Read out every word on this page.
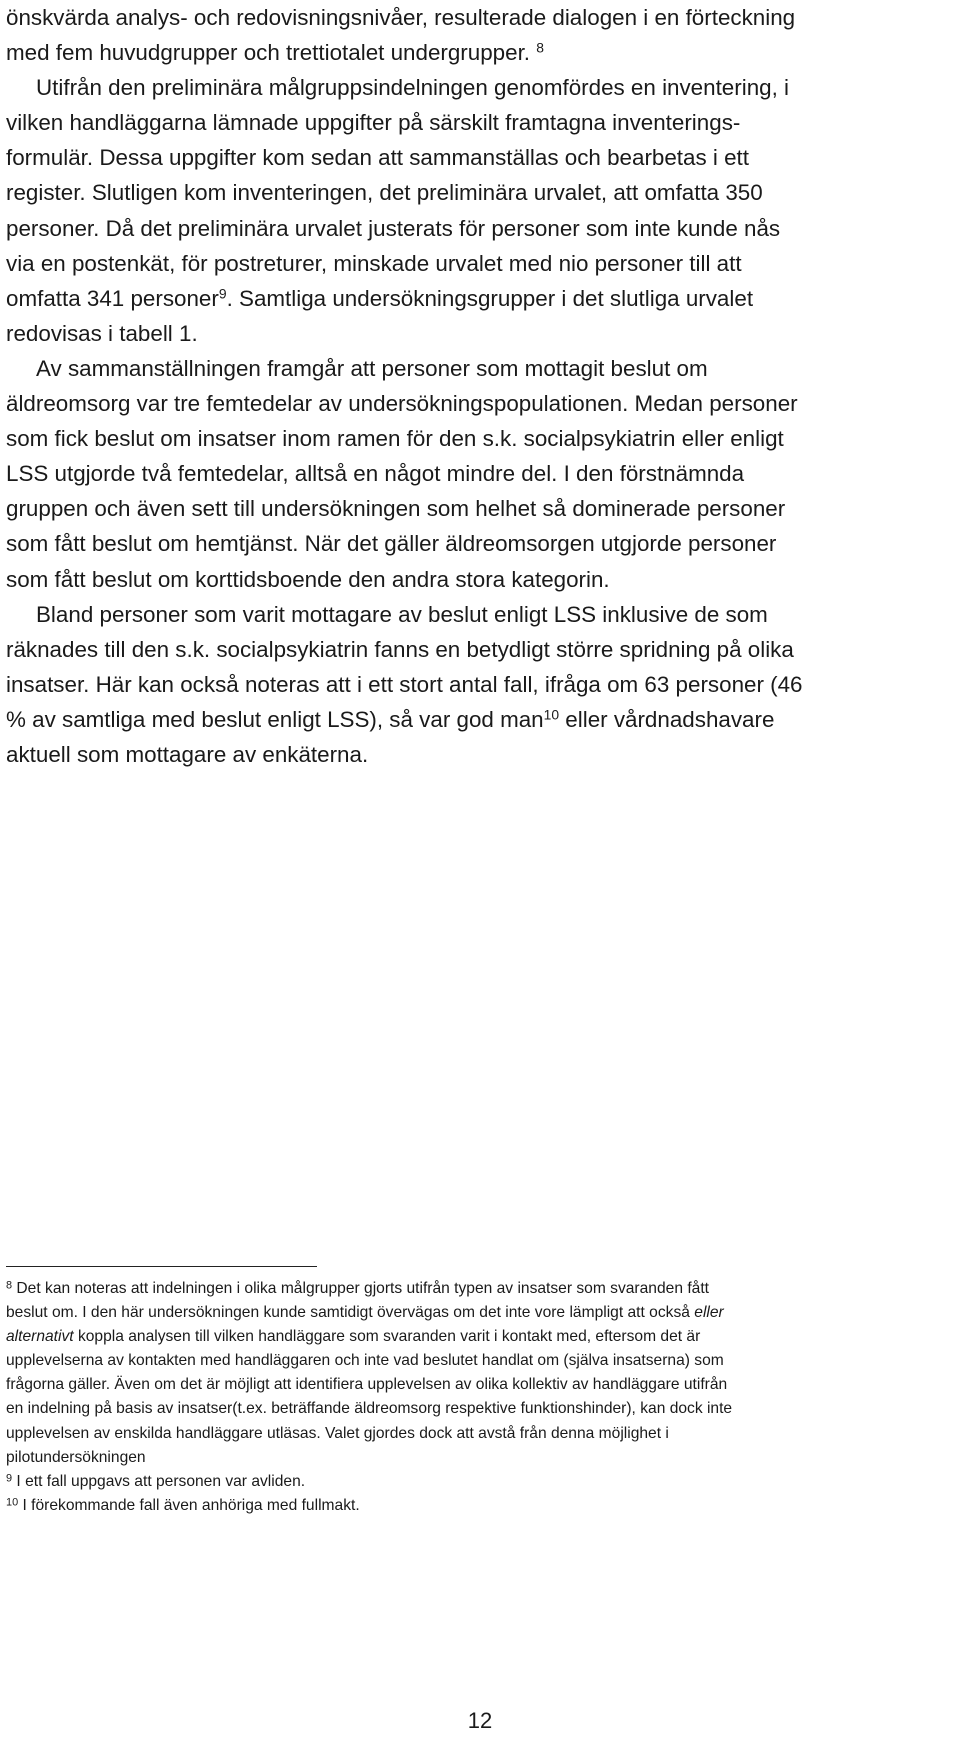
önskvärda analys- och redovisningsnivåer, resulterade dialogen i en förteckning
med fem huvudgrupper och trettiotalet undergrupper. $^8$
Utifrån den preliminära målgruppsindelningen genomfördes en inventering, i
vilken handläggarna lämnade uppgifter på särskilt framtagna inventerings-
formulär. Dessa uppgifter kom sedan att sammanställas och bearbetas i ett
register. Slutligen kom inventeringen, det preliminära urvalet, att omfatta 350
personer. Då det preliminära urvalet justerats för personer som inte kunde nås
via en postenkät, för postreturer, minskade urvalet med nio personer till att
omfatta 341 personer$^9$. Samtliga undersökningsgrupper i det slutliga urvalet
redovisas i tabell 1.
Av sammanställningen framgår att personer som mottagit beslut om
äldreomsorg var tre femtedelar av undersökningspopulationen. Medan personer
som fick beslut om insatser inom ramen för den s.k. socialpsykiatrin eller enligt
LSS utgjorde två femtedelar, alltså en något mindre del. I den förstnämnda
gruppen och även sett till undersökningen som helhet så dominerade personer
som fått beslut om hemtjänst. När det gäller äldreomsorgen utgjorde personer
som fått beslut om korttidsboende den andra stora kategorin.
Bland personer som varit mottagare av beslut enligt LSS inklusive de som
räknades till den s.k. socialpsykiatrin fanns en betydligt större spridning på olika
insatser. Här kan också noteras att i ett stort antal fall, ifråga om 63 personer (46
% av samtliga med beslut enligt LSS), så var god man$^{10}$ eller vårdnadshavare
aktuell som mottagare av enkäterna.
$^8$ Det kan noteras att indelningen i olika målgrupper gjorts utifrån typen av insatser som svaranden fått
beslut om. I den här undersökningen kunde samtidigt övervägas om det inte vore lämpligt att också eller
alternativt koppla analysen till vilken handläggare som svaranden varit i kontakt med, eftersom det är
upplevelserna av kontakten med handläggaren och inte vad beslutet handlat om (själva insatserna) som
frågorna gäller. Även om det är möjligt att identifiera upplevelsen av olika kollektiv av handläggare utifrån
en indelning på basis av insatser(t.ex. beträffande äldreomsorg respektive funktionshinder), kan dock inte
upplevelsen av enskilda handläggare utläsas. Valet gjordes dock att avstå från denna möjlighet i
pilotundersökningen
$^9$ I ett fall uppgavs att personen var avliden.
$^{10}$ I förekommande fall även anhöriga med fullmakt.
12
